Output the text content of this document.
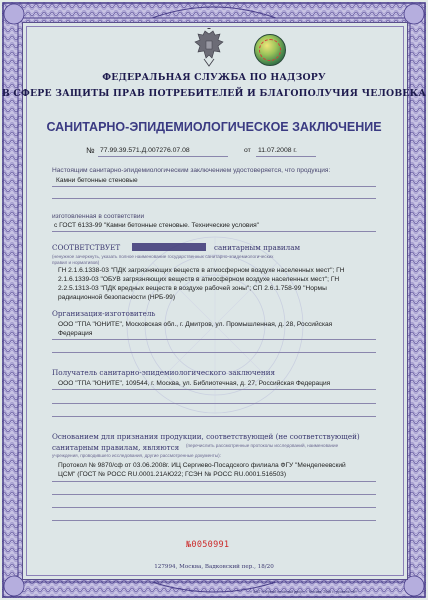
ФЕДЕРАЛЬНАЯ СЛУЖБА ПО НАДЗОРУ
В СФЕРЕ ЗАЩИТЫ ПРАВ ПОТРЕБИТЕЛЕЙ И БЛАГОПОЛУЧИЯ ЧЕЛОВЕКА
САНИТАРНО-ЭПИДЕМИОЛОГИЧЕСКОЕ ЗАКЛЮЧЕНИЕ
№ 77.99.39.571.Д.007276.07.08	от 11.07.2008 г.
Настоящим санитарно-эпидемиологическим заключением удостоверяется, что продукция:
Камни бетонные стеновые
изготовленная в соответствии
с ГОСТ 6133-99 "Камни бетонные стеновые. Технические условия"
СООТВЕТСТВУЕТ	санитарным правилам
(ненужное зачеркнуть, указать полное наименование государственных санитарно-эпидемиологических
правил и нормативов)
ГН 2.1.6.1338-03 "ПДК загрязняющих веществ в атмосферном воздухе населенных мест"; ГН
2.1.6.1339-03 "ОБУВ загрязняющих веществ в атмосферном воздухе населенных мест"; ГН
2.2.5.1313-03 "ПДК вредных веществ в воздухе рабочей зоны"; СП 2.6.1.758-99 "Нормы
радиационной безопасности (НРБ-99)
Организация-изготовитель
ООО "ТПА "ЮНИТЕ", Московская обл., г. Дмитров, ул. Промышленная, д. 28, Российская
Федерация
Получатель санитарно-эпидемиологического заключения
ООО "ТПА "ЮНИТЕ", 109544, г. Москва, ул. Библиотечная, д. 27, Российская Федерация
Основанием для признания продукции, соответствующей (не соответствующей)
санитарным правилам, являются (перечислить рассмотренные протоколы исследований, наименование
учреждения, проводившего исследования, другие рассмотренные документы):
Протокол № 9870/сф от 03.06.2008г. ИЦ Сергиево-Посадского филиала ФГУ "Менделеевский
ЦСМ" (ГОСТ № РОСС RU.0001.21АЮ22; ГСЭН № РОСС RU.0001.516503)
№0050991
127994, Москва, Вадковский пер., 18/20
« ЗАО «Первый печатный двор», г. Москва, 2008 г., уровень «В»
